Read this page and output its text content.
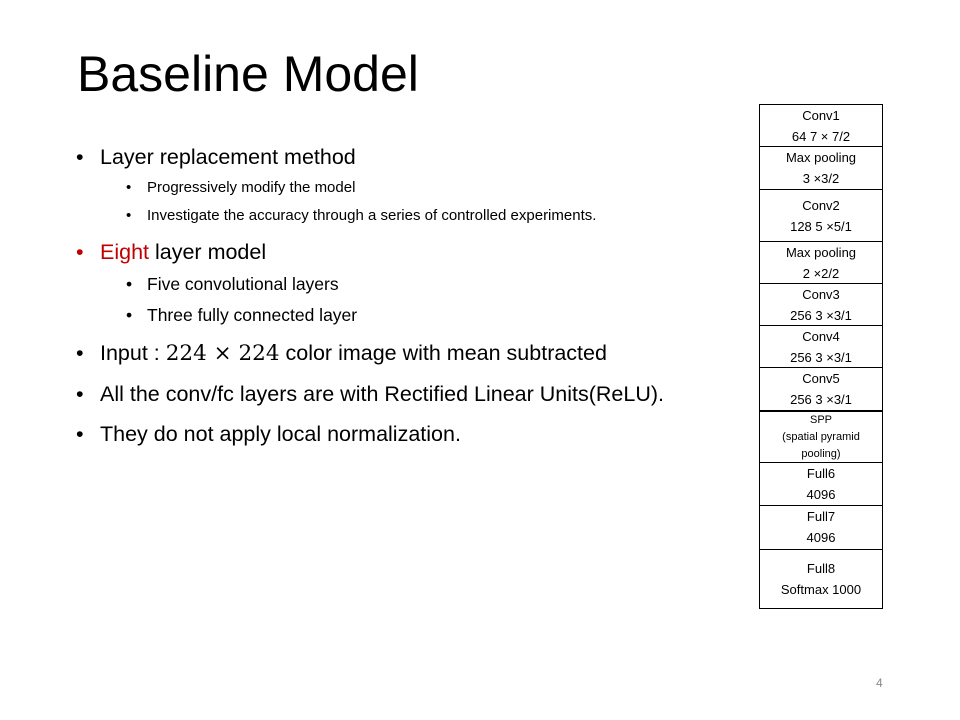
Baseline Model
• Layer replacement method
• Progressively modify the model
• Investigate the accuracy through a series of controlled experiments.
• Eight layer model
• Five convolutional layers
• Three fully connected layer
• Input : 224 × 224 color image with mean subtracted
• All the conv/fc layers are with Rectified Linear Units(ReLU).
• They do not apply local normalization.
Conv1
64 7 × 7/2
Max pooling
3 ×3/2
Conv2
128 5 ×5/1
Max pooling
2 ×2/2
Conv3
256 3 ×3/1
Conv4
256 3 ×3/1
Conv5
256 3 ×3/1
SPP
(spatial pyramid
pooling)
Full6
4096
Full7
4096
Full8
Softmax 1000
4
